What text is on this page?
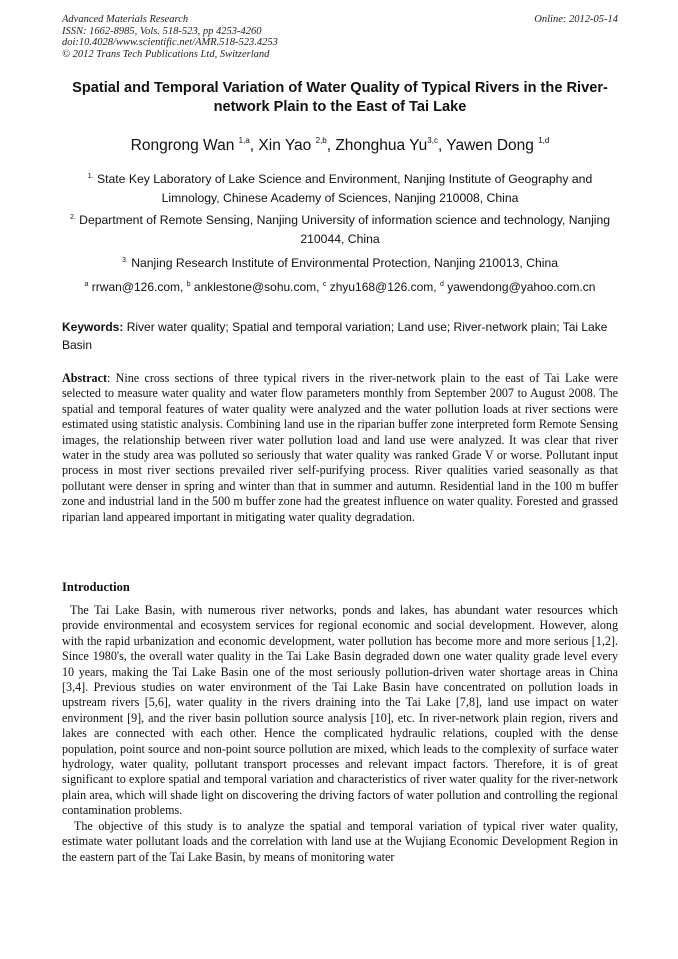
Advanced Materials Research
ISSN: 1662-8985, Vols. 518-523, pp 4253-4260
doi:10.4028/www.scientific.net/AMR.518-523.4253
© 2012 Trans Tech Publications Ltd, Switzerland
Online: 2012-05-14
Spatial and Temporal Variation of Water Quality of Typical Rivers in the River-network Plain to the East of Tai Lake
Rongrong Wan $^{1,a}$, Xin Yao $^{2,b}$, Zhonghua Yu$^{3,c}$, Yawen Dong $^{1,d}$
$^{1.}$ State Key Laboratory of Lake Science and Environment, Nanjing Institute of Geography and Limnology, Chinese Academy of Sciences, Nanjing 210008, China
$^{2.}$ Department of Remote Sensing, Nanjing University of information science and technology, Nanjing 210044, China
$^{3.}$ Nanjing Research Institute of Environmental Protection, Nanjing 210013, China
$^a$ rrwan@126.com, $^b$ anklestone@sohu.com, $^c$ zhyu168@126.com, $^d$ yawendong@yahoo.com.cn
Keywords: River water quality; Spatial and temporal variation; Land use; River-network plain; Tai Lake Basin
Abstract: Nine cross sections of three typical rivers in the river-network plain to the east of Tai Lake were selected to measure water quality and water flow parameters monthly from September 2007 to August 2008. The spatial and temporal features of water quality were analyzed and the water pollution loads at river sections were estimated using statistic analysis. Combining land use in the riparian buffer zone interpreted form Remote Sensing images, the relationship between river water pollution load and land use were analyzed. It was clear that river water in the study area was polluted so seriously that water quality was ranked Grade V or worse. Pollutant input process in most river sections prevailed river self-purifying process. River qualities varied seasonally as that pollutant were denser in spring and winter than that in summer and autumn. Residential land in the 100 m buffer zone and industrial land in the 500 m buffer zone had the greatest influence on water quality. Forested and grassed riparian land appeared important in mitigating water quality degradation.
Introduction

The Tai Lake Basin, with numerous river networks, ponds and lakes, has abundant water resources which provide environmental and ecosystem services for regional economic and social development. However, along with the rapid urbanization and economic development, water pollution has become more and more serious [1,2]. Since 1980's, the overall water quality in the Tai Lake Basin degraded down one water quality grade level every 10 years, making the Tai Lake Basin one of the most seriously pollution-driven water shortage areas in China [3,4]. Previous studies on water environment of the Tai Lake Basin have concentrated on pollution loads in upstream rivers [5,6], water quality in the rivers draining into the Tai Lake [7,8], land use impact on water environment [9], and the river basin pollution source analysis [10], etc. In river-network plain region, rivers and lakes are connected with each other. Hence the complicated hydraulic relations, coupled with the dense population, point source and non-point source pollution are mixed, which leads to the complexity of surface water hydrology, water quality, pollutant transport processes and relevant impact factors. Therefore, it is of great significant to explore spatial and temporal variation and characteristics of river water quality for the river-network plain area, which will shade light on discovering the driving factors of water pollution and controlling the regional contamination problems.

The objective of this study is to analyze the spatial and temporal variation of typical river water quality, estimate water pollutant loads and the correlation with land use at the Wujiang Economic Development Region in the eastern part of the Tai Lake Basin, by means of monitoring water
